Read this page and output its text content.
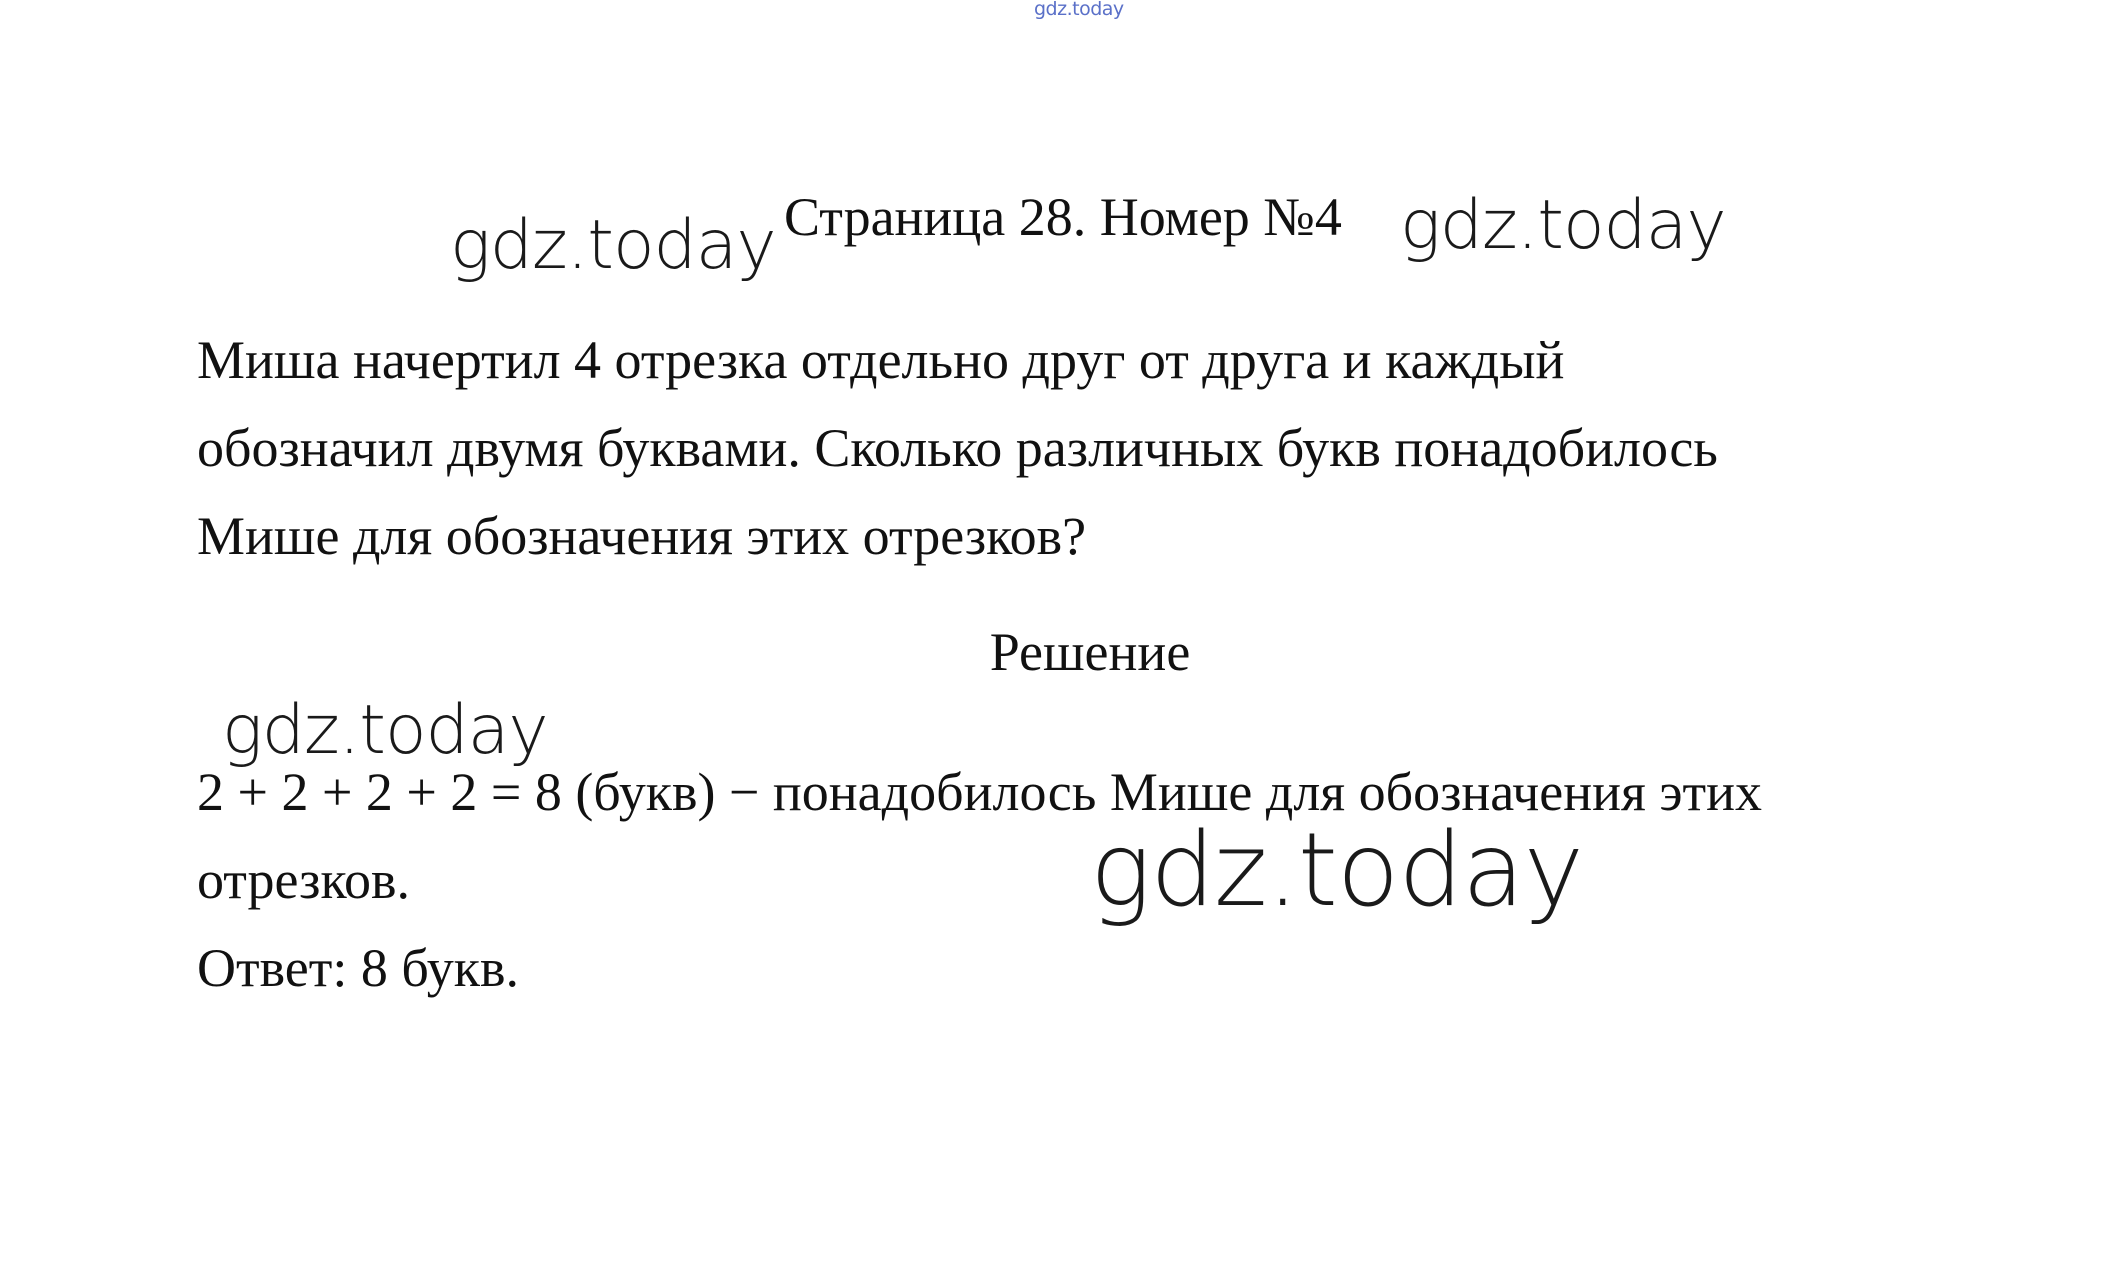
gdz.today
gdz.today Страница 28. Номер №4 gdz.today
Миша начертил 4 отрезка отдельно друг от друга и каждый
обозначил двумя буквами. Сколько различных букв понадобилось
Мише для обозначения этих отрезков?
Решение
gdz.today
2 + 2 + 2 + 2 = 8 (букв) − понадобилось Мише для обозначения этих
отрезков.
Ответ: 8 букв.
gdz.today
